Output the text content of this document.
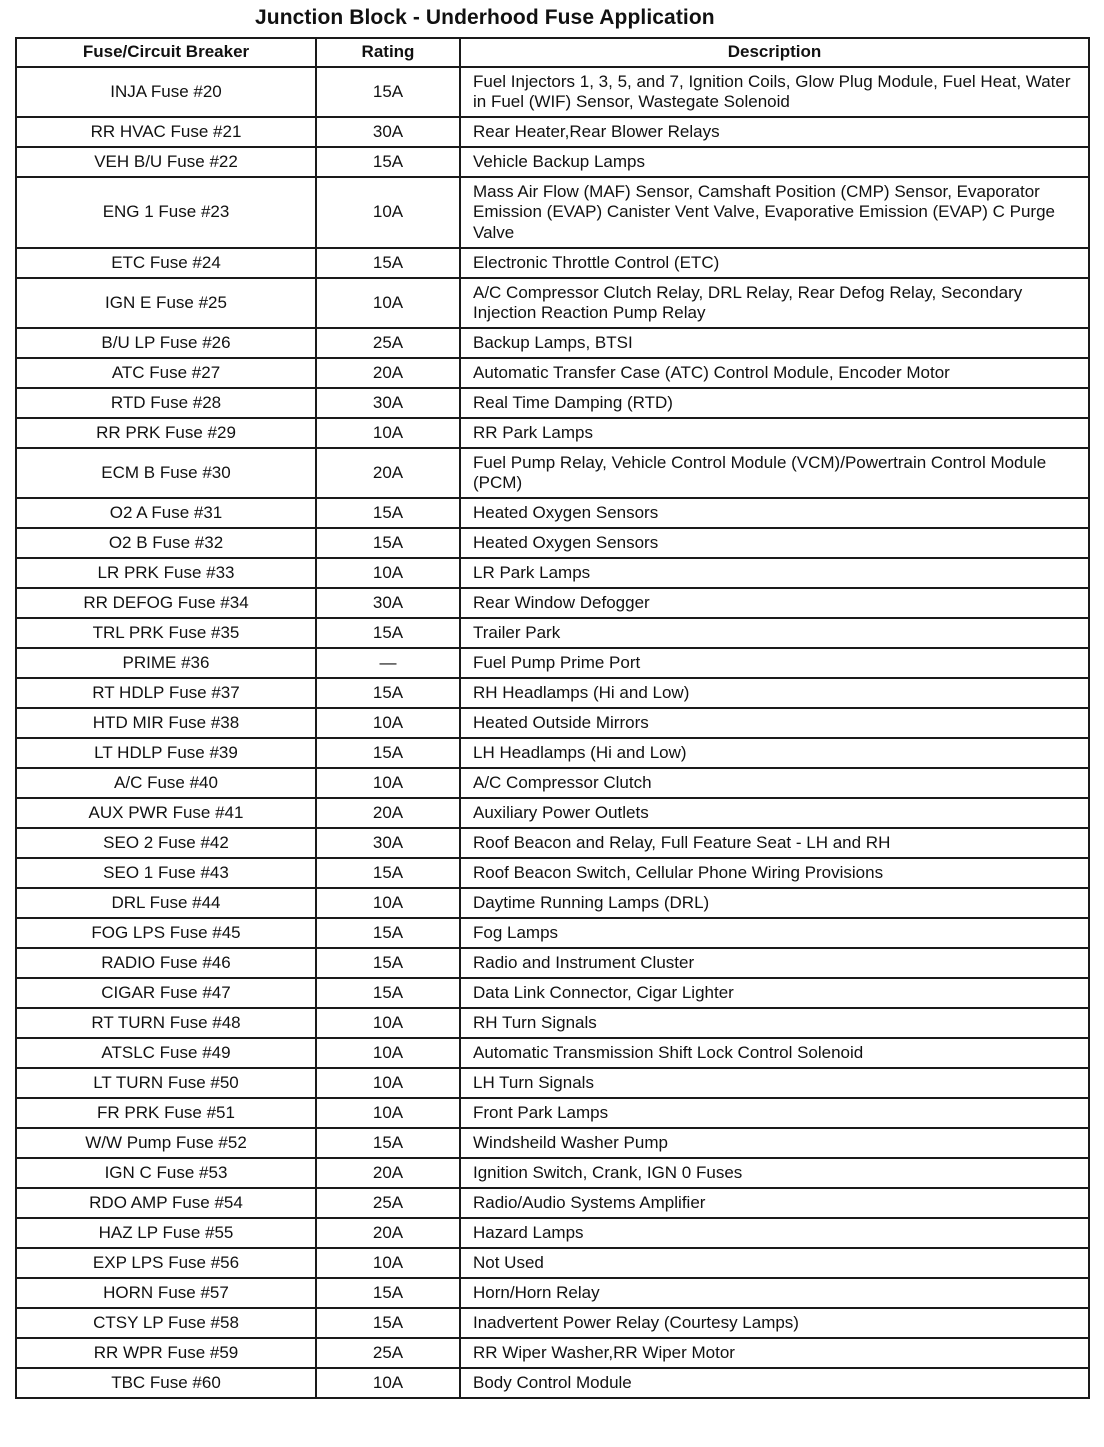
Junction Block - Underhood Fuse Application
Fuse/Circuit Breaker	Rating	Description
INJA Fuse #20	15A	Fuel Injectors 1, 3, 5, and 7, Ignition Coils, Glow Plug Module, Fuel Heat, Water in Fuel (WIF) Sensor, Wastegate Solenoid
RR HVAC Fuse #21	30A	Rear Heater,Rear Blower Relays
VEH B/U Fuse #22	15A	Vehicle Backup Lamps
ENG 1 Fuse #23	10A	Mass Air Flow (MAF) Sensor, Camshaft Position (CMP) Sensor, Evaporator Emission (EVAP) Canister Vent Valve, Evaporative Emission (EVAP) C Purge Valve
ETC Fuse #24	15A	Electronic Throttle Control (ETC)
IGN E Fuse #25	10A	A/C Compressor Clutch Relay, DRL Relay, Rear Defog Relay, Secondary Injection Reaction Pump Relay
B/U LP Fuse #26	25A	Backup Lamps, BTSI
ATC Fuse #27	20A	Automatic Transfer Case (ATC) Control Module, Encoder Motor
RTD Fuse #28	30A	Real Time Damping (RTD)
RR PRK Fuse #29	10A	RR Park Lamps
ECM B Fuse #30	20A	Fuel Pump Relay, Vehicle Control Module (VCM)/Powertrain Control Module (PCM)
O2 A Fuse #31	15A	Heated Oxygen Sensors
O2 B Fuse #32	15A	Heated Oxygen Sensors
LR PRK Fuse #33	10A	LR Park Lamps
RR DEFOG Fuse #34	30A	Rear Window Defogger
TRL PRK Fuse #35	15A	Trailer Park
PRIME #36	—	Fuel Pump Prime Port
RT HDLP Fuse #37	15A	RH Headlamps (Hi and Low)
HTD MIR Fuse #38	10A	Heated Outside Mirrors
LT HDLP Fuse #39	15A	LH Headlamps (Hi and Low)
A/C Fuse #40	10A	A/C Compressor Clutch
AUX PWR Fuse #41	20A	Auxiliary Power Outlets
SEO 2 Fuse #42	30A	Roof Beacon and Relay, Full Feature Seat - LH and RH
SEO 1 Fuse #43	15A	Roof Beacon Switch, Cellular Phone Wiring Provisions
DRL Fuse #44	10A	Daytime Running Lamps (DRL)
FOG LPS Fuse #45	15A	Fog Lamps
RADIO Fuse #46	15A	Radio and Instrument Cluster
CIGAR Fuse #47	15A	Data Link Connector, Cigar Lighter
RT TURN Fuse #48	10A	RH Turn Signals
ATSLC Fuse #49	10A	Automatic Transmission Shift Lock Control Solenoid
LT TURN Fuse #50	10A	LH Turn Signals
FR PRK Fuse #51	10A	Front Park Lamps
W/W Pump Fuse #52	15A	Windsheild Washer Pump
IGN C Fuse #53	20A	Ignition Switch, Crank, IGN 0 Fuses
RDO AMP Fuse #54	25A	Radio/Audio Systems Amplifier
HAZ LP Fuse #55	20A	Hazard Lamps
EXP LPS Fuse #56	10A	Not Used
HORN Fuse #57	15A	Horn/Horn Relay
CTSY LP Fuse #58	15A	Inadvertent Power Relay (Courtesy Lamps)
RR WPR Fuse #59	25A	RR Wiper Washer,RR Wiper Motor
TBC Fuse #60	10A	Body Control Module
